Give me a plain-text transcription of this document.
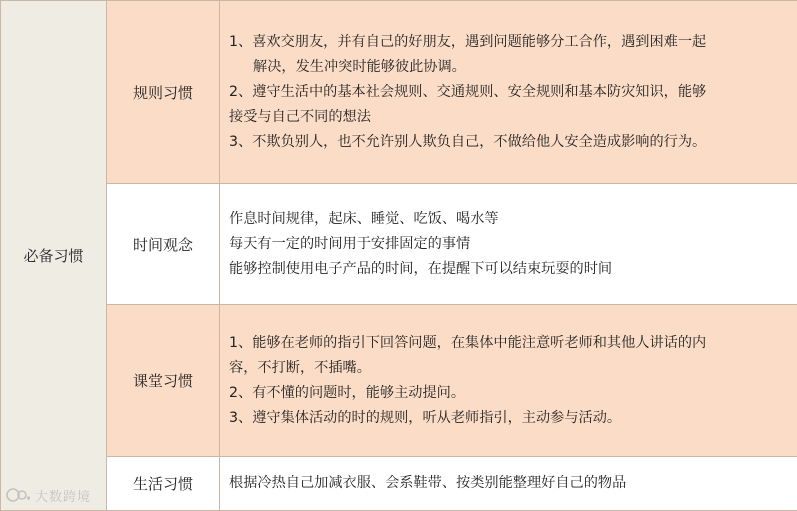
必备习惯	规则习惯	1、喜欢交朋友，并有自己的好朋友，遇到问题能够分工合作，遇到困难一起
解决，发生冲突时能够彼此协调。
2、遵守生活中的基本社会规则、交通规则、安全规则和基本防灾知识，能够
接受与自己不同的想法
3、不欺负别人，也不允许别人欺负自己，不做给他人安全造成影响的行为。

	时间观念	作息时间规律，起床、睡觉、吃饭、喝水等
每天有一定的时间用于安排固定的事情
能够控制使用电子产品的时间，在提醒下可以结束玩耍的时间

	课堂习惯	1、能够在老师的指引下回答问题，在集体中能注意听老师和其他人讲话的内
容，不打断，不插嘴。
2、有不懂的问题时，能够主动提问。
3、遵守集体活动的时的规则，听从老师指引，主动参与活动。

	生活习惯	根据冷热自己加减衣服、会系鞋带、按类别能整理好自己的物品
大数跨境
